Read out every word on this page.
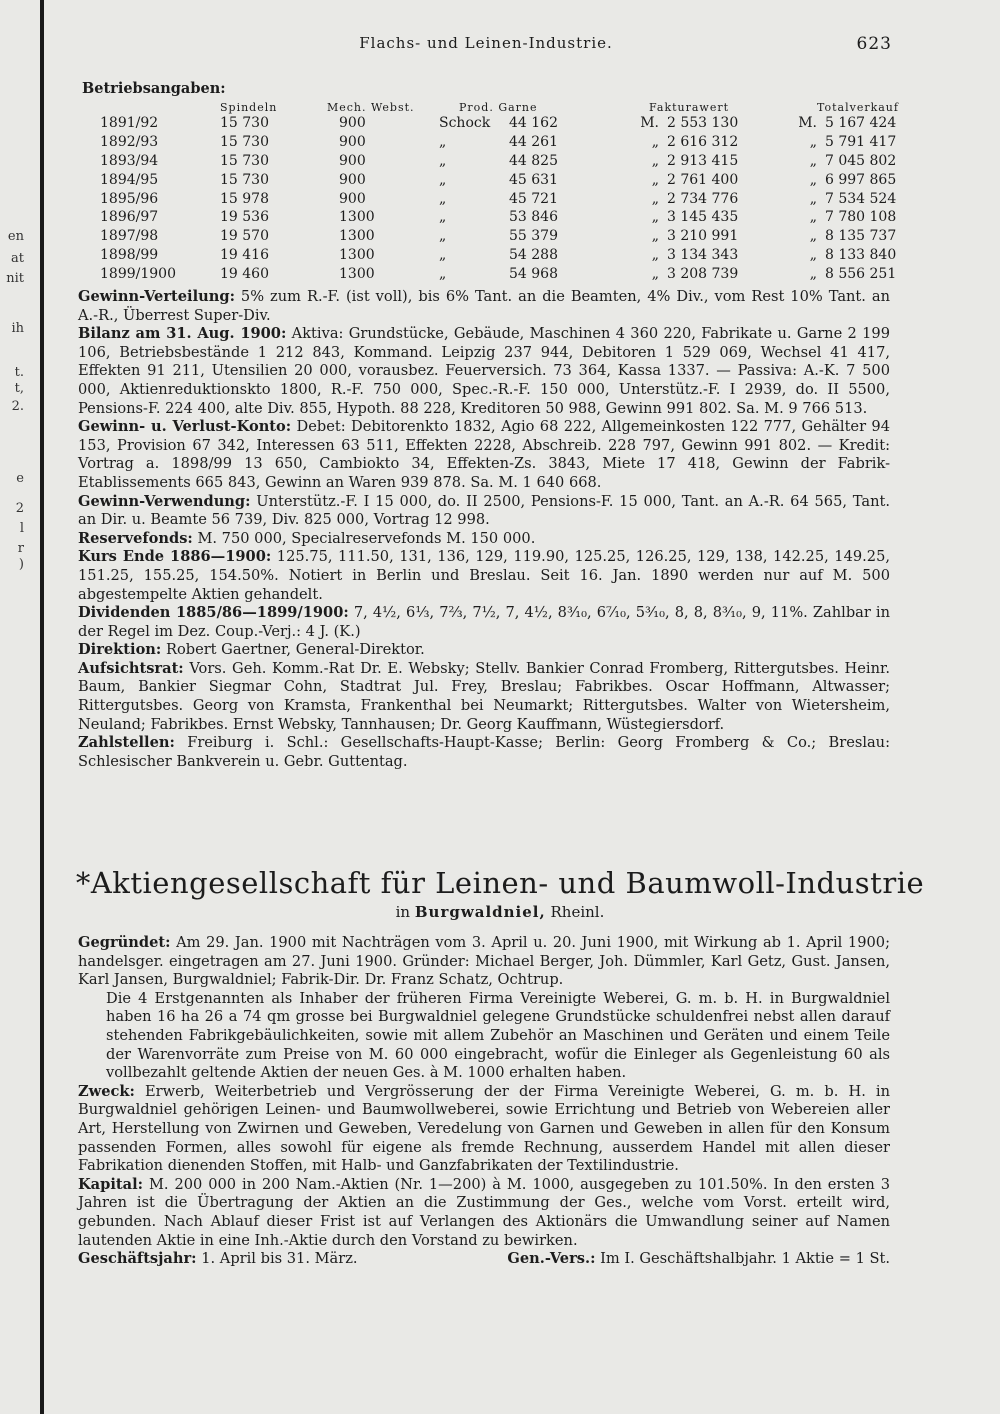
en
at
nit
ih
t.
t,
2.
e
l
2
r
)
Flachs- und Leinen-Industrie.	623
Betriebsangaben:
	Spindeln	Mech. Webst.	Prod. Garne		Fakturawert		Totalverkauf	
1891/92	15 730	900	Schock	44 162	M.	2 553 130	M.	5 167 424
1892/93	15 730	900	„	44 261	„	2 616 312	„	5 791 417
1893/94	15 730	900	„	44 825	„	2 913 415	„	7 045 802
1894/95	15 730	900	„	45 631	„	2 761 400	„	6 997 865
1895/96	15 978	900	„	45 721	„	2 734 776	„	7 534 524
1896/97	19 536	1300	„	53 846	„	3 145 435	„	7 780 108
1897/98	19 570	1300	„	55 379	„	3 210 991	„	8 135 737
1898/99	19 416	1300	„	54 288	„	3 134 343	„	8 133 840
1899/1900	19 460	1300	„	54 968	„	3 208 739	„	8 556 251
Gewinn-Verteilung: 5% zum R.-F. (ist voll), bis 6% Tant. an die Beamten, 4% Div., vom Rest 10% Tant. an A.-R., Überrest Super-Div.
Bilanz am 31. Aug. 1900: Aktiva: Grundstücke, Gebäude, Maschinen 4 360 220, Fabrikate u. Garne 2 199 106, Betriebsbestände 1 212 843, Kommand. Leipzig 237 944, Debitoren 1 529 069, Wechsel 41 417, Effekten 91 211, Utensilien 20 000, vorausbez. Feuerversich. 73 364, Kassa 1337. — Passiva: A.-K. 7 500 000, Aktienreduktionskto 1800, R.-F. 750 000, Spec.-R.-F. 150 000, Unterstütz.-F. I 2939, do. II 5500, Pensions-F. 224 400, alte Div. 855, Hypoth. 88 228, Kreditoren 50 988, Gewinn 991 802. Sa. M. 9 766 513.
Gewinn- u. Verlust-Konto: Debet: Debitorenkto 1832, Agio 68 222, Allgemeinkosten 122 777, Gehälter 94 153, Provision 67 342, Interessen 63 511, Effekten 2228, Abschreib. 228 797, Gewinn 991 802. — Kredit: Vortrag a. 1898/99 13 650, Cambiokto 34, Effekten-Zs. 3843, Miete 17 418, Gewinn der Fabrik-Etablissements 665 843, Gewinn an Waren 939 878. Sa. M. 1 640 668.
Gewinn-Verwendung: Unterstütz.-F. I 15 000, do. II 2500, Pensions-F. 15 000, Tant. an A.-R. 64 565, Tant. an Dir. u. Beamte 56 739, Div. 825 000, Vortrag 12 998.
Reservefonds: M. 750 000, Specialreservefonds M. 150 000.
Kurs Ende 1886—1900: 125.75, 111.50, 131, 136, 129, 119.90, 125.25, 126.25, 129, 138, 142.25, 149.25, 151.25, 155.25, 154.50%. Notiert in Berlin und Breslau. Seit 16. Jan. 1890 werden nur auf M. 500 abgestempelte Aktien gehandelt.
Dividenden 1885/86—1899/1900: 7, 4½, 6⅓, 7⅔, 7½, 7, 4½, 8³⁄₁₀, 6⁷⁄₁₀, 5³⁄₁₀, 8, 8, 8³⁄₁₀, 9, 11%. Zahlbar in der Regel im Dez. Coup.-Verj.: 4 J. (K.)
Direktion: Robert Gaertner, General-Direktor.
Aufsichtsrat: Vors. Geh. Komm.-Rat Dr. E. Websky; Stellv. Bankier Conrad Fromberg, Rittergutsbes. Heinr. Baum, Bankier Siegmar Cohn, Stadtrat Jul. Frey, Breslau; Fabrikbes. Oscar Hoffmann, Altwasser; Rittergutsbes. Georg von Kramsta, Frankenthal bei Neumarkt; Rittergutsbes. Walter von Wietersheim, Neuland; Fabrikbes. Ernst Websky, Tannhausen; Dr. Georg Kauffmann, Wüstegiersdorf.
Zahlstellen: Freiburg i. Schl.: Gesellschafts-Haupt-Kasse; Berlin: Georg Fromberg & Co.; Breslau: Schlesischer Bankverein u. Gebr. Guttentag.
*Aktiengesellschaft für Leinen- und Baumwoll-Industrie
in Burgwaldniel, Rheinl.
Gegründet: Am 29. Jan. 1900 mit Nachträgen vom 3. April u. 20. Juni 1900, mit Wirkung ab 1. April 1900; handelsger. eingetragen am 27. Juni 1900. Gründer: Michael Berger, Joh. Dümmler, Karl Getz, Gust. Jansen, Karl Jansen, Burgwaldniel; Fabrik-Dir. Dr. Franz Schatz, Ochtrup.
Die 4 Erstgenannten als Inhaber der früheren Firma Vereinigte Weberei, G. m. b. H. in Burgwaldniel haben 16 ha 26 a 74 qm grosse bei Burgwaldniel gelegene Grundstücke schuldenfrei nebst allen darauf stehenden Fabrikgebäulichkeiten, sowie mit allem Zubehör an Maschinen und Geräten und einem Teile der Warenvorräte zum Preise von M. 60 000 eingebracht, wofür die Einleger als Gegenleistung 60 als vollbezahlt geltende Aktien der neuen Ges. à M. 1000 erhalten haben.
Zweck: Erwerb, Weiterbetrieb und Vergrösserung der der Firma Vereinigte Weberei, G. m. b. H. in Burgwaldniel gehörigen Leinen- und Baumwollweberei, sowie Errichtung und Betrieb von Webereien aller Art, Herstellung von Zwirnen und Geweben, Veredelung von Garnen und Geweben in allen für den Konsum passenden Formen, alles sowohl für eigene als fremde Rechnung, ausserdem Handel mit allen dieser Fabrikation dienenden Stoffen, mit Halb- und Ganzfabrikaten der Textilindustrie.
Kapital: M. 200 000 in 200 Nam.-Aktien (Nr. 1—200) à M. 1000, ausgegeben zu 101.50%. In den ersten 3 Jahren ist die Übertragung der Aktien an die Zustimmung der Ges., welche vom Vorst. erteilt wird, gebunden. Nach Ablauf dieser Frist ist auf Verlangen des Aktionärs die Umwandlung seiner auf Namen lautenden Aktie in eine Inh.-Aktie durch den Vorstand zu bewirken.
Geschäftsjahr: 1. April bis 31. März.	Gen.-Vers.: Im I. Geschäftshalbjahr. 1 Aktie = 1 St.
